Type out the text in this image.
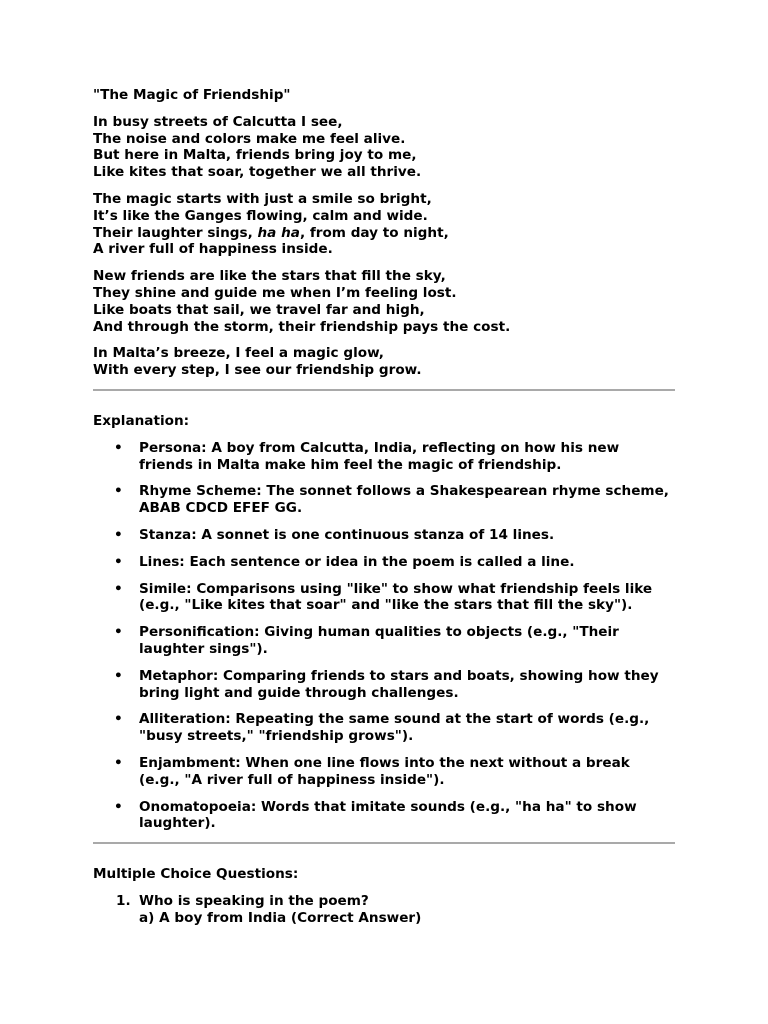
"The Magic of Friendship"
In busy streets of Calcutta I see,
The noise and colors make me feel alive.
But here in Malta, friends bring joy to me,
Like kites that soar, together we all thrive.
The magic starts with just a smile so bright,
It’s like the Ganges flowing, calm and wide.
Their laughter sings, ha ha, from day to night,
A river full of happiness inside.
New friends are like the stars that fill the sky,
They shine and guide me when I’m feeling lost.
Like boats that sail, we travel far and high,
And through the storm, their friendship pays the cost.
In Malta’s breeze, I feel a magic glow,
With every step, I see our friendship grow.
Explanation:
• Persona: A boy from Calcutta, India, reflecting on how his new friends in Malta make him feel the magic of friendship.
• Rhyme Scheme: The sonnet follows a Shakespearean rhyme scheme, ABAB CDCD EFEF GG.
• Stanza: A sonnet is one continuous stanza of 14 lines.
• Lines: Each sentence or idea in the poem is called a line.
• Simile: Comparisons using "like" to show what friendship feels like (e.g., "Like kites that soar" and "like the stars that fill the sky").
• Personification: Giving human qualities to objects (e.g., "Their laughter sings").
• Metaphor: Comparing friends to stars and boats, showing how they bring light and guide through challenges.
• Alliteration: Repeating the same sound at the start of words (e.g., "busy streets," "friendship grows").
• Enjambment: When one line flows into the next without a break (e.g., "A river full of happiness inside").
• Onomatopoeia: Words that imitate sounds (e.g., "ha ha" to show laughter).
Multiple Choice Questions:
1. Who is speaking in the poem?
a) A boy from India (Correct Answer)
